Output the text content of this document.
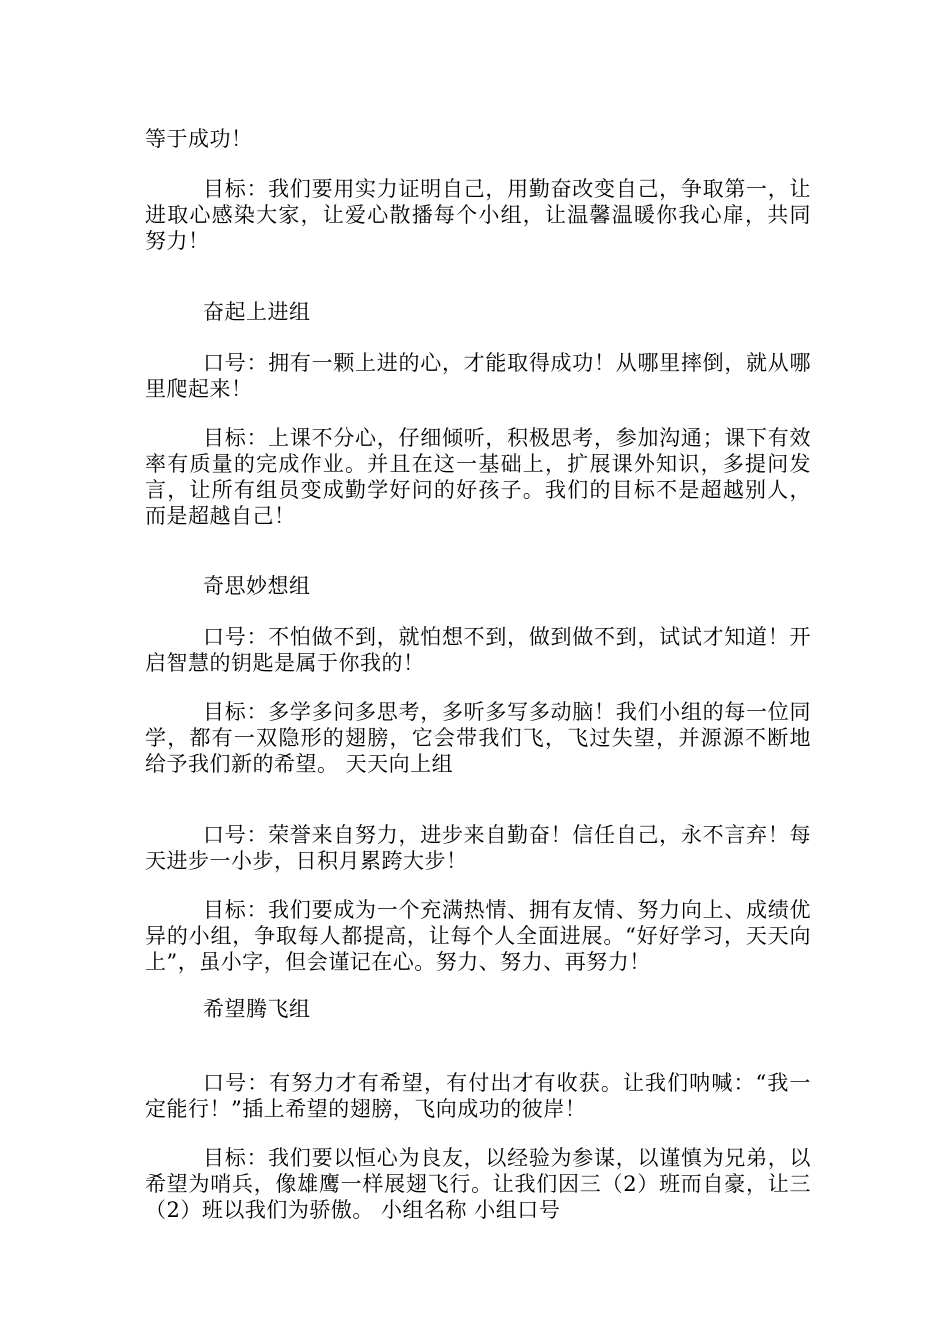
等于成功！

目标：我们要用实力证明自己，用勤奋改变自己，争取第一，让进取心感染大家，让爱心散播每个小组，让温馨温暖你我心扉，共同努力！

奋起上进组

口号：拥有一颗上进的心，才能取得成功！从哪里摔倒，就从哪里爬起来！

目标：上课不分心，仔细倾听，积极思考，参加沟通；课下有效率有质量的完成作业。并且在这一基础上，扩展课外知识，多提问发言，让所有组员变成勤学好问的好孩子。我们的目标不是超越别人，而是超越自己！

奇思妙想组

口号：不怕做不到，就怕想不到，做到做不到，试试才知道！开启智慧的钥匙是属于你我的！

目标：多学多问多思考，多听多写多动脑！我们小组的每一位同学，都有一双隐形的翅膀，它会带我们飞，飞过失望，并源源不断地给予我们新的希望。 天天向上组

口号：荣誉来自努力，进步来自勤奋！信任自己，永不言弃！每天进步一小步，日积月累跨大步！

目标：我们要成为一个充满热情、拥有友情、努力向上、成绩优异的小组，争取每人都提高，让每个人全面进展。“好好学习，天天向上”，虽小字，但会谨记在心。努力、努力、再努力！

希望腾飞组

口号：有努力才有希望，有付出才有收获。让我们呐喊：“我一定能行！”插上希望的翅膀，飞向成功的彼岸！

目标：我们要以恒心为良友，以经验为参谋，以谨慎为兄弟，以希望为哨兵，像雄鹰一样展翅飞行。让我们因三（2）班而自豪，让三（2）班以我们为骄傲。 小组名称 小组口号
